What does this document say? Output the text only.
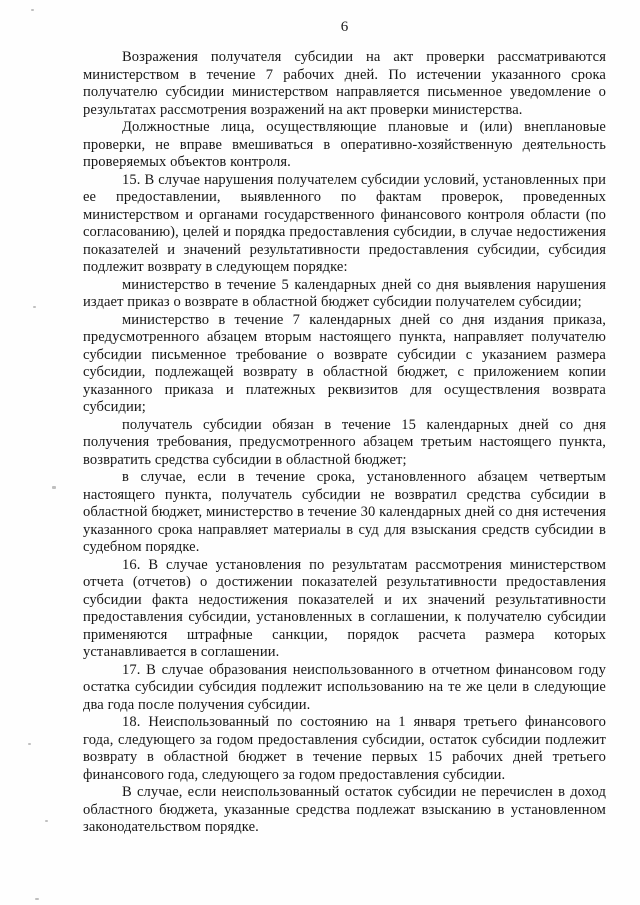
6

Возражения получателя субсидии на акт проверки рассматриваются министерством в течение 7 рабочих дней. По истечении указанного срока получателю субсидии министерством направляется письменное уведомление о результатах рассмотрения возражений на акт проверки министерства.

Должностные лица, осуществляющие плановые и (или) внеплановые проверки, не вправе вмешиваться в оперативно-хозяйственную деятельность проверяемых объектов контроля.

15. В случае нарушения получателем субсидии условий, установленных при ее предоставлении, выявленного по фактам проверок, проведенных министерством и органами государственного финансового контроля области (по согласованию), целей и порядка предоставления субсидии, в случае недостижения показателей и значений результативности предоставления субсидии, субсидия подлежит возврату в следующем порядке:

министерство в течение 5 календарных дней со дня выявления нарушения издает приказ о возврате в областной бюджет субсидии получателем субсидии;

министерство в течение 7 календарных дней со дня издания приказа, предусмотренного абзацем вторым настоящего пункта, направляет получателю субсидии письменное требование о возврате субсидии с указанием размера субсидии, подлежащей возврату в областной бюджет, с приложением копии указанного приказа и платежных реквизитов для осуществления возврата субсидии;

получатель субсидии обязан в течение 15 календарных дней со дня получения требования, предусмотренного абзацем третьим настоящего пункта, возвратить средства субсидии в областной бюджет;

в случае, если в течение срока, установленного абзацем четвертым настоящего пункта, получатель субсидии не возвратил средства субсидии в областной бюджет, министерство в течение 30 календарных дней со дня истечения указанного срока направляет материалы в суд для взыскания средств субсидии в судебном порядке.

16. В случае установления по результатам рассмотрения министерством отчета (отчетов) о достижении показателей результативности предоставления субсидии факта недостижения показателей и их значений результативности предоставления субсидии, установленных в соглашении, к получателю субсидии применяются штрафные санкции, порядок расчета размера которых устанавливается в соглашении.

17. В случае образования неиспользованного в отчетном финансовом году остатка субсидии субсидия подлежит использованию на те же цели в следующие два года после получения субсидии.

18. Неиспользованный по состоянию на 1 января третьего финансового года, следующего за годом предоставления субсидии, остаток субсидии подлежит возврату в областной бюджет в течение первых 15 рабочих дней третьего финансового года, следующего за годом предоставления субсидии.

В случае, если неиспользованный остаток субсидии не перечислен в доход областного бюджета, указанные средства подлежат взысканию в установленном законодательством порядке.
